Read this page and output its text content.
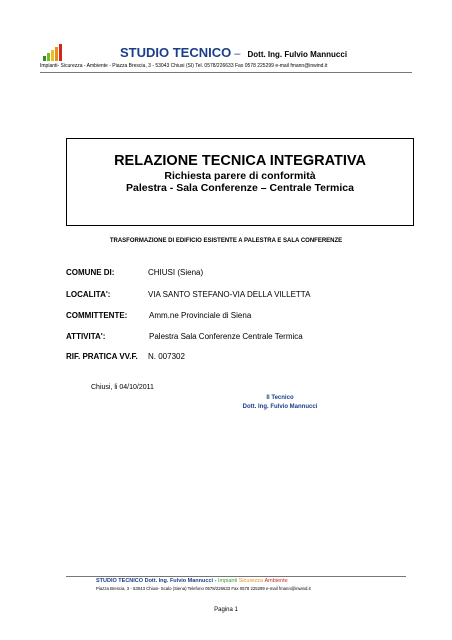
STUDIO TECNICO – Dott. Ing. Fulvio Mannucci
Impianti- Sicurezza - Ambiente - Piazza Brescia, 3 - 53043 Chiusi (SI) Tel. 0578/226633 Fax 0578 225299 e-mail fmann@inwind.it
RELAZIONE TECNICA INTEGRATIVA
Richiesta parere di conformità
Palestra - Sala Conferenze – Centrale Termica
TRASFORMAZIONE DI EDIFICIO ESISTENTE A PALESTRA E SALA CONFERENZE
COMUNE DI:	CHIUSI (Siena)
LOCALITA':	VIA SANTO STEFANO-VIA DELLA VILLETTA
COMMITTENTE:	Amm.ne Provinciale di Siena
ATTIVITA':	Palestra Sala Conferenze Centrale Termica
RIF. PRATICA VV.F. N. 007302
Chiusi, li 04/10/2011
Il Tecnico
Dott. Ing. Fulvio Mannucci
STUDIO TECNICO Dott. Ing. Fulvio Mannucci - Impianti Sicurezza Ambiente
Piazza Brescia, 3 - 53043 Chiusi- Scalo (Siena) Telefono 0578/226633 Fax 0578 225299 e-mail fmann@inwind.it
Pagina 1
